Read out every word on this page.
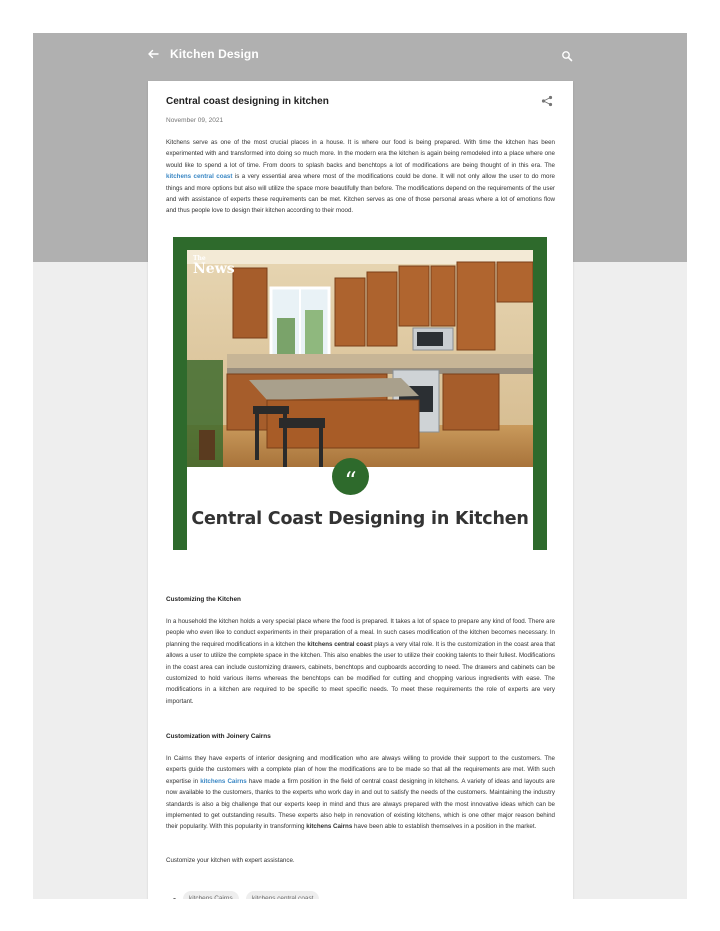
Kitchen Design
Central coast designing in kitchen
November 09, 2021

Kitchens serve as one of the most crucial places in a house. It is where our food is being prepared. With time the kitchen has been experimented with and transformed into doing so much more. In the modern era the kitchen is again being remodeled into a place where one would like to spend a lot of time. From doors to splash backs and benchtops a lot of modifications are being thought of in this era. The kitchens central coast is a very essential area where most of the modifications could be done. It will not only allow the user to do more things and more options but also will utilize the space more beautifully than before. The modifications depend on the requirements of the user and with assistance of experts these requirements can be met. Kitchen serves as one of those personal areas where a lot of emotions flow and thus people love to design their kitchen according to their mood.

The
News
“
Central Coast Designing in Kitchen
Customizing the Kitchen

In a household the kitchen holds a very special place where the food is prepared. It takes a lot of space to prepare any kind of food. There are people who even like to conduct experiments in their preparation of a meal. In such cases modification of the kitchen becomes necessary. In planning the required modifications in a kitchen the kitchens central coast plays a very vital role. It is the customization in the coast area that allows a user to utilize the complete space in the kitchen. This also enables the user to utilize their cooking talents to their fullest. Modifications in the coast area can include customizing drawers, cabinets, benchtops and cupboards according to need. The drawers and cabinets can be customized to hold various items whereas the benchtops can be modified for cutting and chopping various ingredients with ease. The modifications in a kitchen are required to be specific to meet specific needs. To meet these requirements the role of experts are very important.

Customization with Joinery Cairns

In Cairns they have experts of interior designing and modification who are always willing to provide their support to the customers. The experts guide the customers with a complete plan of how the modifications are to be made so that all the requirements are met. With such expertise in kitchens Cairns have made a firm position in the field of central coast designing in kitchens. A variety of ideas and layouts are now available to the customers, thanks to the experts who work day in and out to satisfy the needs of the customers. Maintaining the industry standards is also a big challenge that our experts keep in mind and thus are always prepared with the most innovative ideas which can be implemented to get outstanding results. These experts also help in renovation of existing kitchens, which is one other major reason behind their popularity. With this popularity in transforming kitchens Cairns have been able to establish themselves in a position in the market.

Customize your kitchen with expert assistance.

kitchens Cairns	kitchens central coast
